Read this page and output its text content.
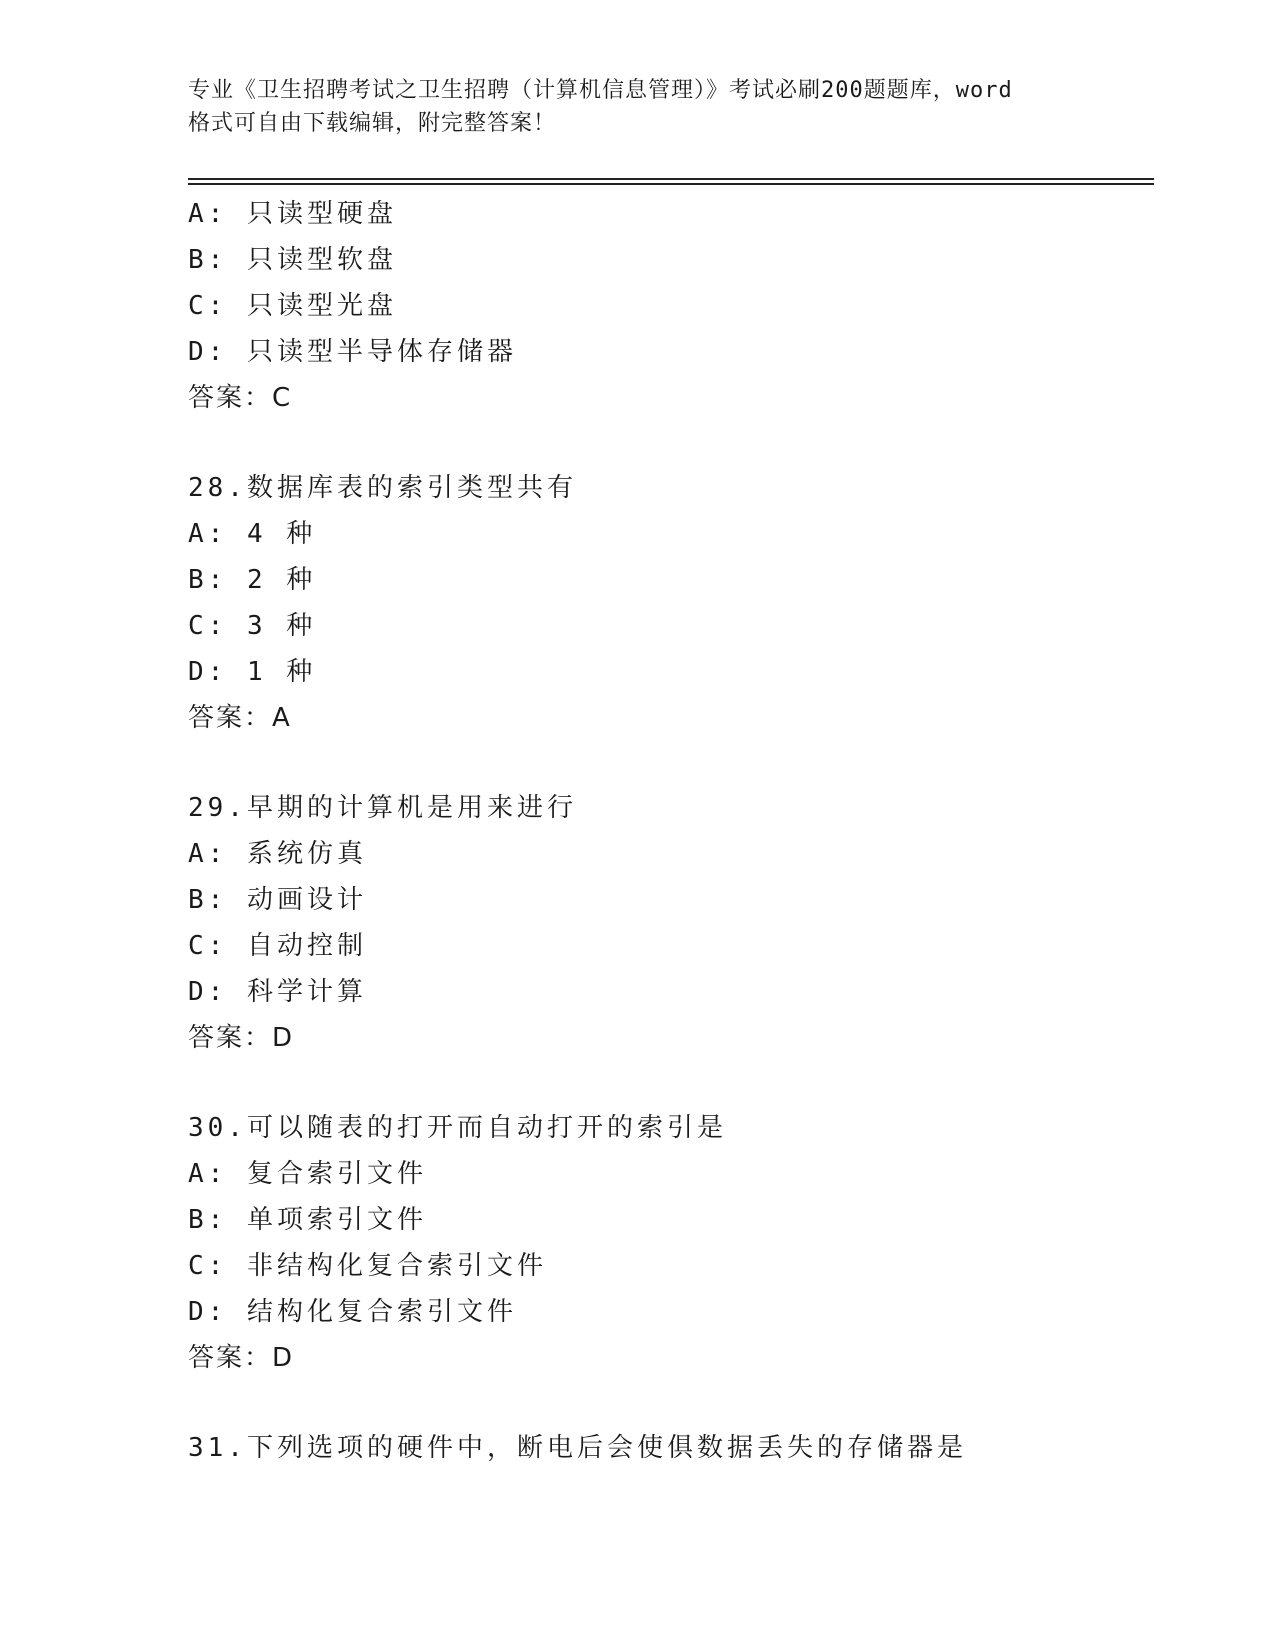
专业《卫生招聘考试之卫生招聘（计算机信息管理）》考试必刷200题题库，word
格式可自由下载编辑，附完整答案！
A: 只读型硬盘
B: 只读型软盘
C: 只读型光盘
D: 只读型半导体存储器
答案：C
28.数据库表的索引类型共有
A: 4 种
B: 2 种
C: 3 种
D: 1 种
答案：A
29.早期的计算机是用来进行
A: 系统仿真
B: 动画设计
C: 自动控制
D: 科学计算
答案：D
30.可以随表的打开而自动打开的索引是
A: 复合索引文件
B: 单项索引文件
C: 非结构化复合索引文件
D: 结构化复合索引文件
答案：D
31.下列选项的硬件中，断电后会使俱数据丢失的存储器是
